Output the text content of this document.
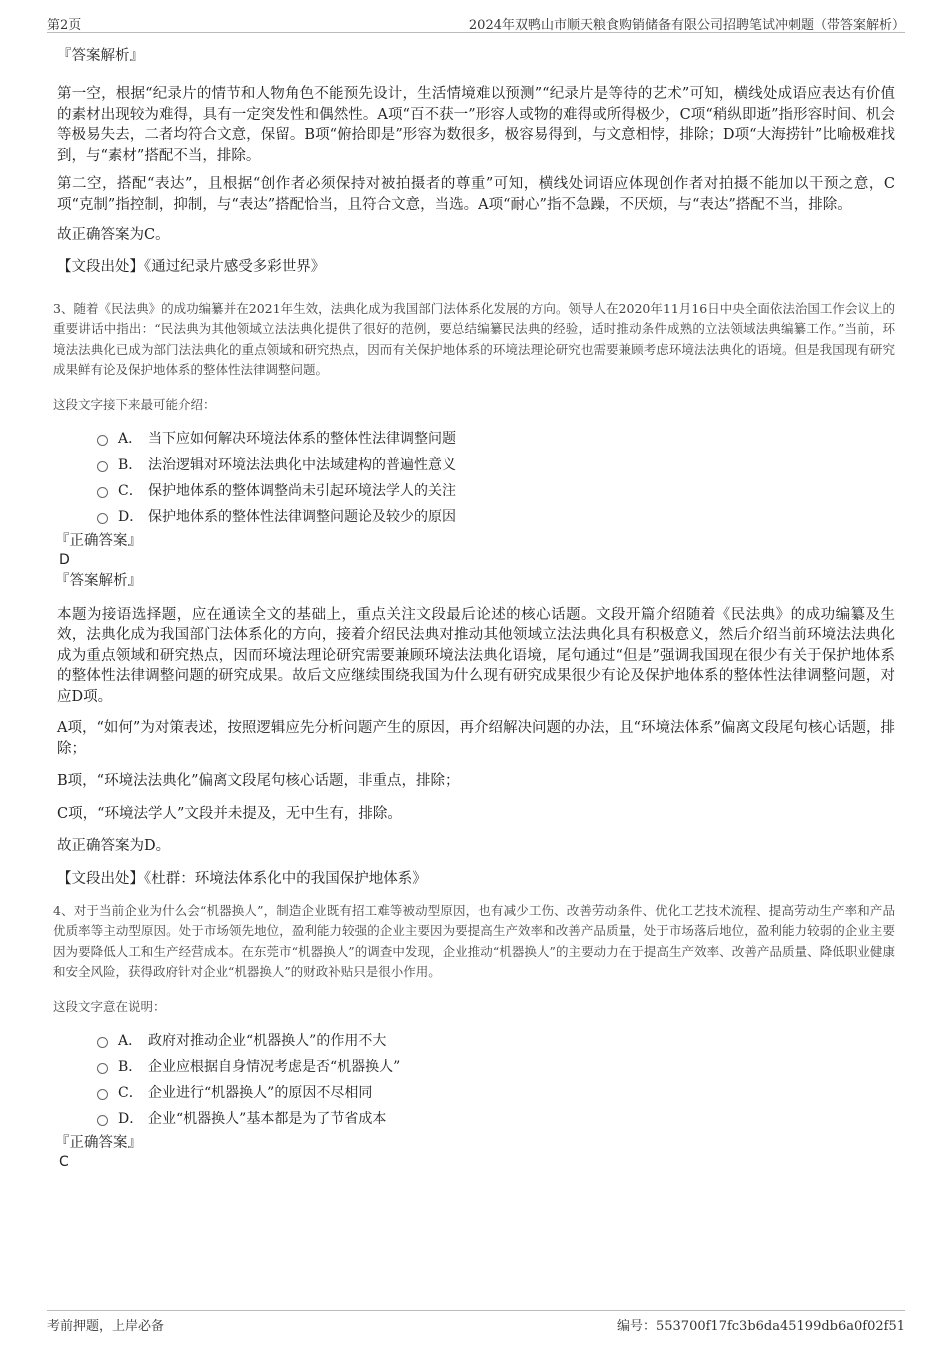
第2页	2024年双鸭山市顺天粮食购销储备有限公司招聘笔试冲刺题（带答案解析）

『答案解析』

第一空，根据“纪录片的情节和人物角色不能预先设计，生活情境难以预测”“纪录片是等待的艺术”可知，横线处成语应表达有价值的素材出现较为难得，具有一定突发性和偶然性。A项“百不获一”形容人或物的难得或所得极少，C项“稍纵即逝”指形容时间、机会等极易失去，二者均符合文意，保留。B项“俯拾即是”形容为数很多，极容易得到，与文意相悖，排除；D项“大海捞针”比喻极难找到，与“素材”搭配不当，排除。

第二空，搭配“表达”，且根据“创作者必须保持对被拍摄者的尊重”可知，横线处词语应体现创作者对拍摄不能加以干预之意，C项“克制”指控制，抑制，与“表达”搭配恰当，且符合文意，当选。A项“耐心”指不急躁，不厌烦，与“表达”搭配不当，排除。

故正确答案为C。

【文段出处】《通过纪录片感受多彩世界》

3、随着《民法典》的成功编纂并在2021年生效，法典化成为我国部门法体系化发展的方向。领导人在2020年11月16日中央全面依法治国工作会议上的重要讲话中指出：“民法典为其他领域立法法典化提供了很好的范例，要总结编纂民法典的经验，适时推动条件成熟的立法领域法典编纂工作。”当前，环境法法典化已成为部门法法典化的重点领域和研究热点，因而有关保护地体系的环境法理论研究也需要兼顾考虑环境法法典化的语境。但是我国现有研究成果鲜有论及保护地体系的整体性法律调整问题。

这段文字接下来最可能介绍：

A． 当下应如何解决环境法体系的整体性法律调整问题
B． 法治逻辑对环境法法典化中法域建构的普遍性意义
C． 保护地体系的整体调整尚未引起环境法学人的关注
D． 保护地体系的整体性法律调整问题论及较少的原因

『正确答案』

D

『答案解析』

本题为接语选择题，应在通读全文的基础上，重点关注文段最后论述的核心话题。文段开篇介绍随着《民法典》的成功编纂及生效，法典化成为我国部门法体系化的方向，接着介绍民法典对推动其他领域立法法典化具有积极意义，然后介绍当前环境法法典化成为重点领域和研究热点，因而环境法理论研究需要兼顾环境法法典化语境，尾句通过“但是”强调我国现在很少有关于保护地体系的整体性法律调整问题的研究成果。故后文应继续围绕我国为什么现有研究成果很少有论及保护地体系的整体性法律调整问题，对应D项。

A项，“如何”为对策表述，按照逻辑应先分析问题产生的原因，再介绍解决问题的办法，且“环境法体系”偏离文段尾句核心话题，排除；

B项，“环境法法典化”偏离文段尾句核心话题，非重点，排除；

C项，“环境法学人”文段并未提及，无中生有，排除。

故正确答案为D。

【文段出处】《杜群：环境法体系化中的我国保护地体系》

4、对于当前企业为什么会“机器换人”，制造企业既有招工难等被动型原因，也有减少工伤、改善劳动条件、优化工艺技术流程、提高劳动生产率和产品优质率等主动型原因。处于市场领先地位，盈利能力较强的企业主要因为要提高生产效率和改善产品质量，处于市场落后地位，盈利能力较弱的企业主要因为要降低人工和生产经营成本。在东莞市“机器换人”的调查中发现，企业推动“机器换人”的主要动力在于提高生产效率、改善产品质量、降低职业健康和安全风险，获得政府针对企业“机器换人”的财政补贴只是很小作用。

这段文字意在说明：

A． 政府对推动企业“机器换人”的作用不大
B． 企业应根据自身情况考虑是否“机器换人”
C． 企业进行“机器换人”的原因不尽相同
D． 企业“机器换人”基本都是为了节省成本

『正确答案』

C

考前押题，上岸必备	编号：553700f17fc3b6da45199db6a0f02f51
